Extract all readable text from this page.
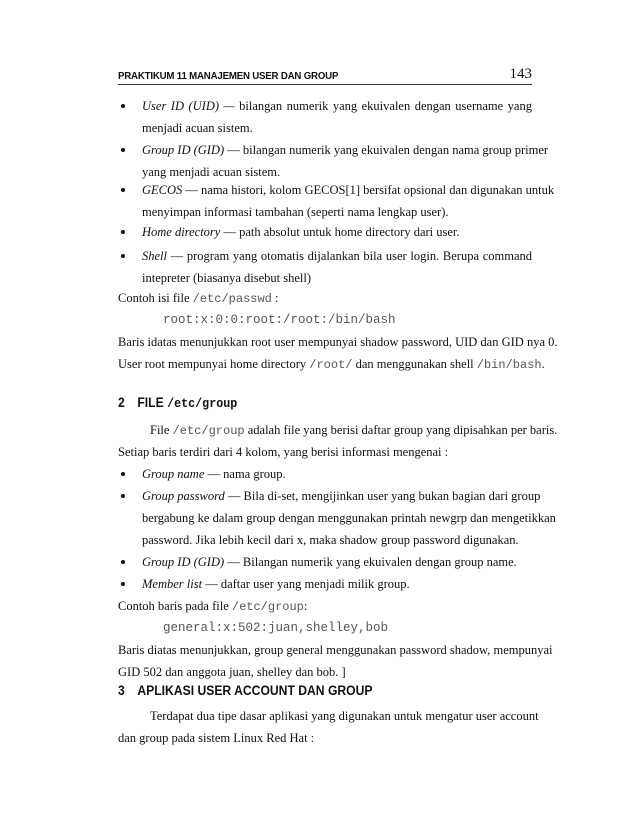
PRAKTIKUM 11 MANAJEMEN USER DAN GROUP	143
User ID (UID) — bilangan numerik yang ekuivalen dengan username yang
menjadi acuan sistem.
Group ID (GID) — bilangan numerik yang ekuivalen dengan nama group primer
yang menjadi acuan sistem.
GECOS — nama histori, kolom GECOS[1] bersifat opsional dan digunakan untuk
menyimpan informasi tambahan (seperti nama lengkap user).
Home directory — path absolut untuk home directory dari user.
Shell — program yang otomatis dijalankan bila user login. Berupa command
intepreter (biasanya disebut shell)
Contoh isi file /etc/passwd :
root:x:0:0:root:/root:/bin/bash
Baris idatas menunjukkan root user mempunyai shadow password, UID dan GID nya 0.
User root mempunyai home directory /root/ dan menggunakan shell /bin/bash.
2 FILE /etc/group
File /etc/group adalah file yang berisi daftar group yang dipisahkan per baris.
Setiap baris terdiri dari 4 kolom, yang berisi informasi mengenai :
Group name — nama group.
Group password — Bila di-set, mengijinkan user yang bukan bagian dari group
bergabung ke dalam group dengan menggunakan printah newgrp dan mengetikkan
password. Jika lebih kecil dari x, maka shadow group password digunakan.
Group ID (GID) — Bilangan numerik yang ekuivalen dengan group name.
Member list — daftar user yang menjadi milik group.
Contoh baris pada file /etc/group:
general:x:502:juan,shelley,bob
Baris diatas menunjukkan, group general menggunakan password shadow, mempunyai
GID 502 dan anggota juan, shelley dan bob. ]
3 APLIKASI USER ACCOUNT DAN GROUP
Terdapat dua tipe dasar aplikasi yang digunakan untuk mengatur user account
dan group pada sistem Linux Red Hat :
